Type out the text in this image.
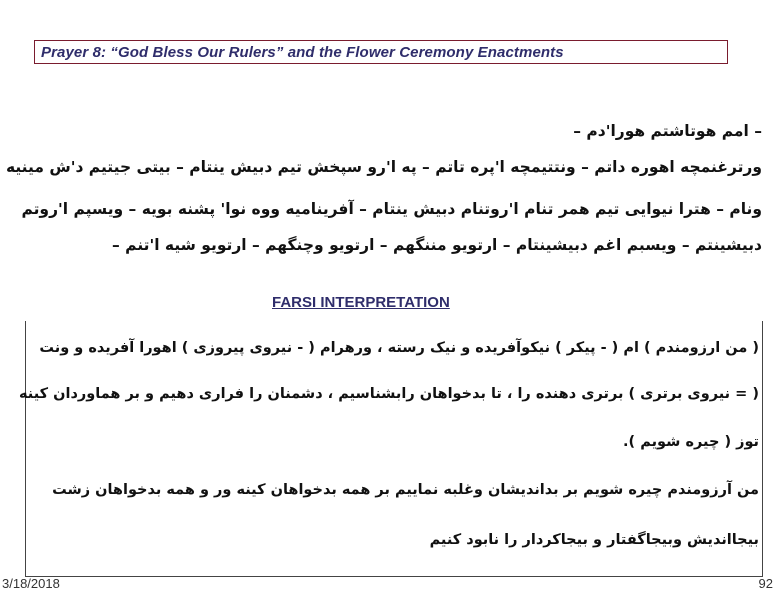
Prayer 8: “God Bless Our Rulers” and the Flower Ceremony Enactments
– امم هوتاشتم هورا'دم –
ورترغنمچه اهوره داتم – ونتتیمچه ا'پره تاتم – په ا'رو سپخش تیم دبیش ینتام – بیتی جیتیم د'ش مینیه
ونام – هترا نیوایی تیم همر تنام ا'روتنام دبیش ینتام – آفریناميه ووه نوا' پشنه بویه – ویسپم ا'روتم
دبیشینتم – ویسبم اغم دبیشینتام – ارتویو مننگهم – ارتویو وچنگهم – ارتویو شیه ا'تنم –
FARSI INTERPRETATION
( من ارزومندم ) ام ( - پیکر ) نیکوآفریده و نیک رسته ، ورهرام ( - نیروی پیروزی ) اهورا آفریده و ونت
( = نیروی برتری ) برتری دهنده را ، تا بدخواهان رابشناسیم ، دشمنان را فراری دهیم و بر هماوردان کینه
توز ( چیره شویم ).
من آرزومندم چیره شویم بر بداندیشان وغلبه نماییم بر همه بدخواهان کینه ور و همه بدخواهان زشت
بیجااندیش وبیجاگفتار و بیجاکردار را نابود کنیم
3/18/2018	92
